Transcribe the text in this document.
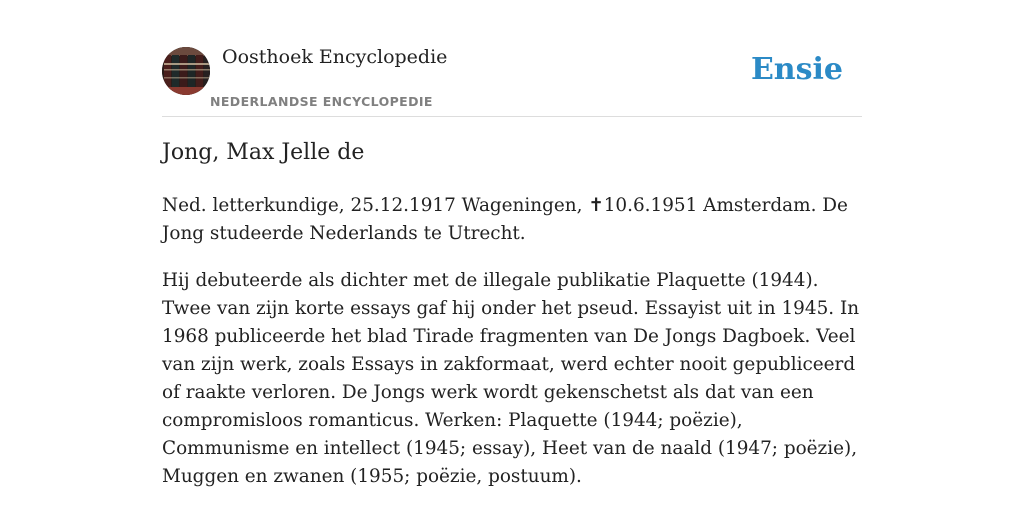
Oosthoek Encyclopedie
NEDERLANDSE ENCYCLOPEDIE
Ensie
Jong, Max Jelle de

Ned. letterkundige, 25.12.1917 Wageningen, ✝10.6.1951 Amsterdam. De Jong studeerde Nederlands te Utrecht.

Hij debuteerde als dichter met de illegale publikatie Plaquette (1944). Twee van zijn korte essays gaf hij onder het pseud. Essayist uit in 1945. In 1968 publiceerde het blad Tirade fragmenten van De Jongs Dagboek. Veel van zijn werk, zoals Essays in zakformaat, werd echter nooit gepubliceerd of raakte verloren. De Jongs werk wordt gekenschetst als dat van een compromisloos romanticus. Werken: Plaquette (1944; poëzie), Communisme en intellect (1945; essay), Heet van de naald (1947; poëzie), Muggen en zwanen (1955; poëzie, postuum).
